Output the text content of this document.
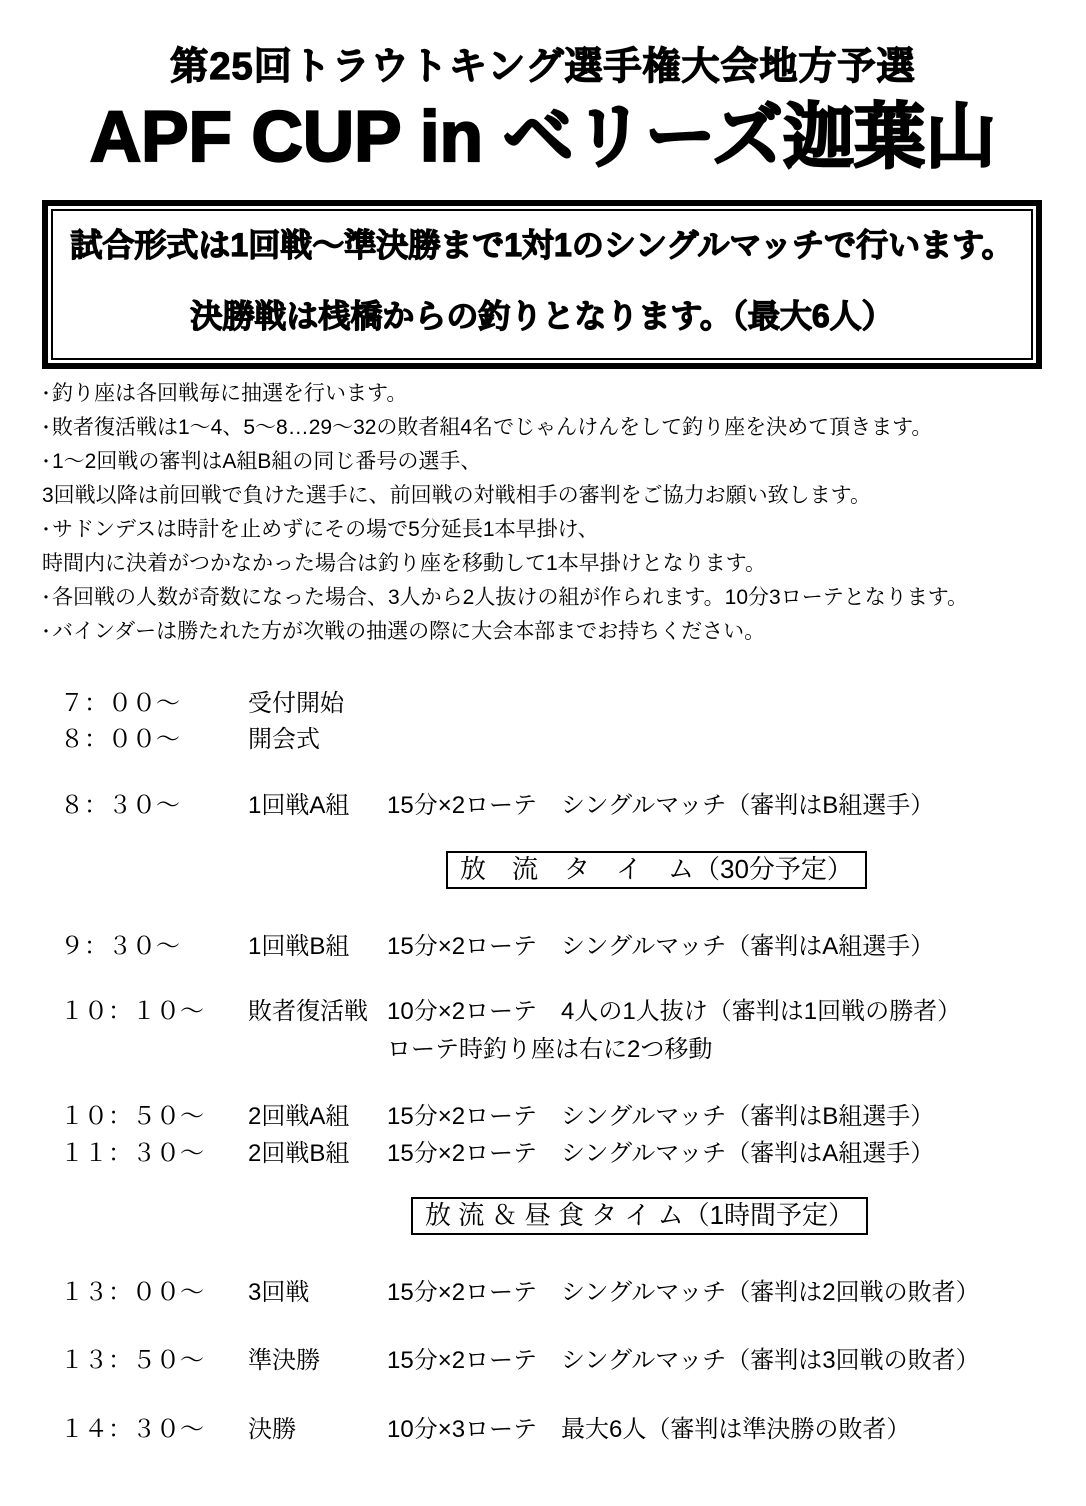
第25回トラウトキング選手権大会地方予選
APF CUP in ベリーズ迦葉山
試合形式は1回戦～準決勝まで1対1のシングルマッチで行います。
決勝戦は桟橋からの釣りとなります。（最大6人）
・
釣り座は各回戦毎に抽選を行います。
・
敗者復活戦は1～4、5～8…29～32の敗者組4名でじゃんけんをして釣り座を決めて頂きます。
・
1～2回戦の審判はA組B組の同じ番号の選手、
3回戦以降は前回戦で負けた選手に、前回戦の対戦相手の審判をご協力お願い致します。
・
サドンデスは時計を止めずにその場で5分延長1本早掛け、
時間内に決着がつかなかった場合は釣り座を移動して1本早掛けとなります。
・
各回戦の人数が奇数になった場合、3人から2人抜けの組が作られます。10分3ローテとなります。
・
バインダーは勝たれた方が次戦の抽選の際に大会本部までお持ちください。
７：００～	受付開始
８：００～	開会式
８：３０～	1回戦A組	15分×2ローテ　シングルマッチ（審判はB組選手）
放　流　タ　イ　ム（30分予定）
９：３０～	1回戦B組	15分×2ローテ　シングルマッチ（審判はA組選手）
１０：１０～	敗者復活戦 10分×2ローテ　4人の1人抜け（審判は1回戦の勝者）
ローテ時釣り座は右に2つ移動
１０：５０～	2回戦A組	15分×2ローテ　シングルマッチ（審判はB組選手）
１１：３０～	2回戦B組	15分×2ローテ　シングルマッチ（審判はA組選手）
放 流 ＆ 昼 食 タ イ ム（1時間予定）
１３：００～	3回戦	15分×2ローテ　シングルマッチ（審判は2回戦の敗者）
１３：５０～	準決勝	15分×2ローテ　シングルマッチ（審判は3回戦の敗者）
１４：３０～	決勝	10分×3ローテ　最大6人（審判は準決勝の敗者）
